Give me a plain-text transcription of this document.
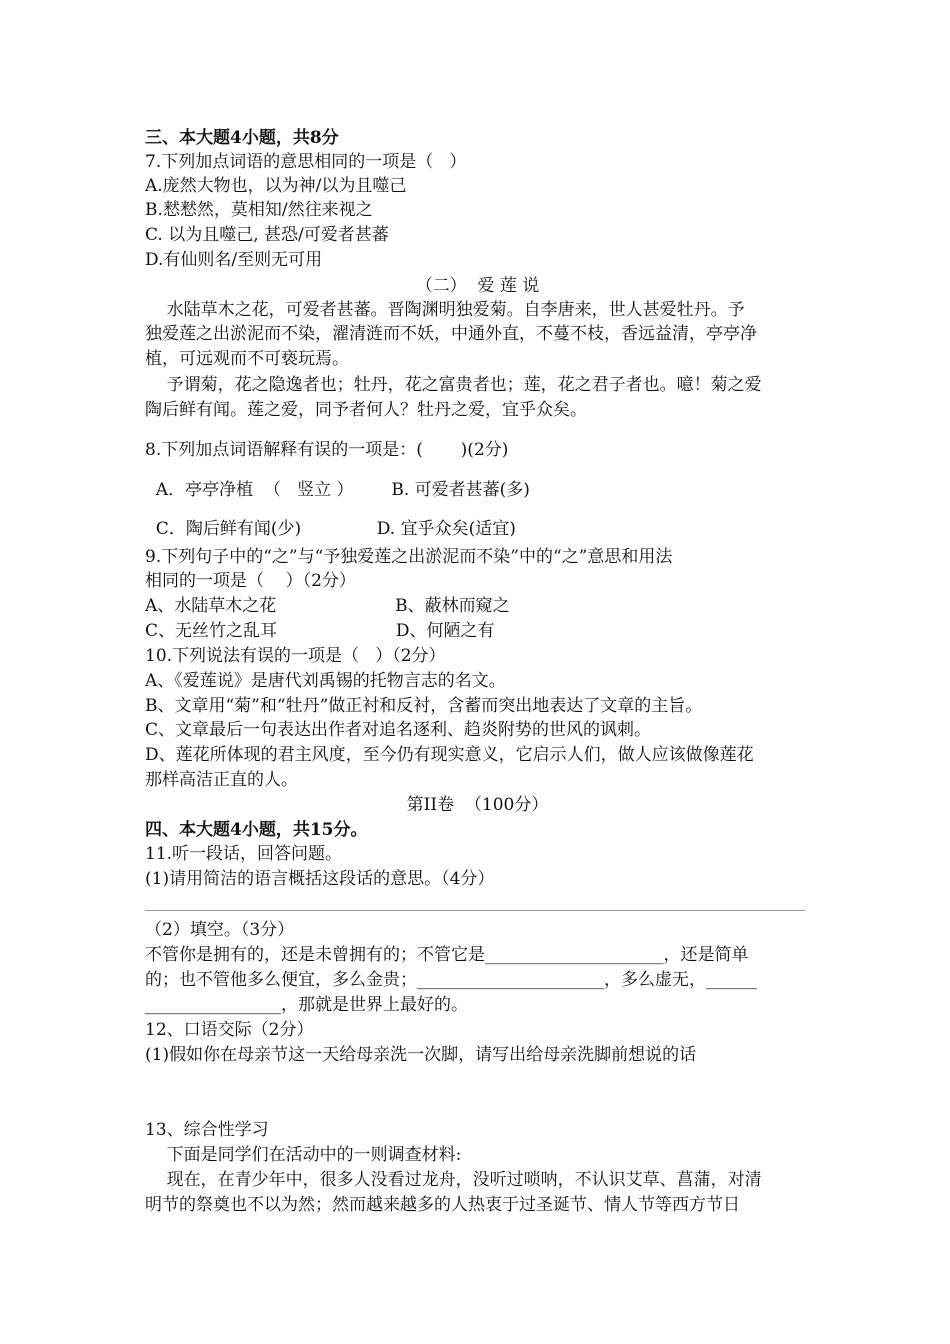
三、本大题4小题，共8分
7.下列加点词语的意思相同的一项是（   ）
A.庞然大物也，以为神/以为且噬己
B.慭慭然，莫相知/然往来视之
C. 以为且噬己, 甚恐/可爱者甚蕃
D.有仙则名/至则无可用
（二）  爱 莲 说
水陆草木之花，可爱者甚蕃。晋陶渊明独爱菊。自李唐来，世人甚爱牡丹。予
独爱莲之出淤泥而不染，濯清涟而不妖，中通外直，不蔓不枝，香远益清，亭亭净
植，可远观而不可亵玩焉。
予谓菊，花之隐逸者也；牡丹，花之富贵者也；莲，花之君子者也。噫！菊之爱
陶后鲜有闻。莲之爱，同予者何人？牡丹之爱，宜乎众矣。
8.下列加点词语解释有误的一项是：(       )(2分)
A．亭亭净植  （   竖立 ）       B. 可爱者甚蕃(多)
C．陶后鲜有闻(少)              D. 宜乎众矣(适宜)
9.下列句子中的“之”与“予独爱莲之出淤泥而不染”中的“之”意思和用法
相同的一项是（    ）（2分）
A、水陆草木之花                      B、蔽林而窥之
C、无丝竹之乱耳                      D、何陋之有
10.下列说法有误的一项是（   ）（2分）
A、《爱莲说》是唐代刘禹锡的托物言志的名文。
B、文章用“菊”和“牡丹”做正衬和反衬，含蓄而突出地表达了文章的主旨。
C、文章最后一句表达出作者对追名逐利、趋炎附势的世风的讽刺。
D、莲花所体现的君主风度，至今仍有现实意义，它启示人们，做人应该做像莲花
那样高洁正直的人。
第II卷  （100分）
四、本大题4小题，共15分。
11.听一段话，回答问题。
(1)请用简洁的语言概括这段话的意思。（4分）
（2）填空。（3分）
不管你是拥有的，还是未曾拥有的；不管它是_____________________，还是简单
的；也不管他多么便宜，多么金贵；______________________，多么虚无，______
________________，那就是世界上最好的。
12、口语交际（2分）
(1)假如你在母亲节这一天给母亲洗一次脚，请写出给母亲洗脚前想说的话
13、综合性学习
下面是同学们在活动中的一则调查材料:
现在，在青少年中，很多人没看过龙舟，没听过唢呐，不认识艾草、菖蒲，对清
明节的祭奠也不以为然；然而越来越多的人热衷于过圣诞节、情人节等西方节日
